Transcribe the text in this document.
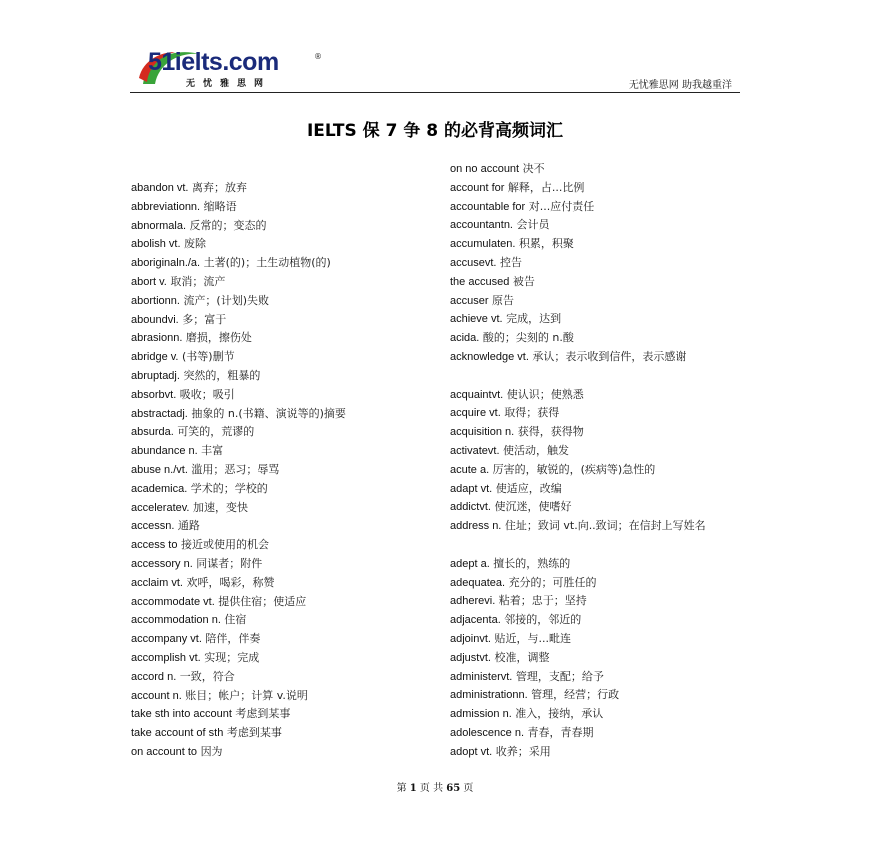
51ielts.com	®
无忧雅思网	无忧雅思网 助我越重洋
IELTS 保 7 争 8 的必背高频词汇
abandon vt. 离弃；放弃
abbreviationn. 缩略语
abnormala. 反常的；变态的
abolish vt. 废除
aboriginaln./a. 土著(的)；土生动植物(的)
abort v. 取消；流产
abortionn. 流产；(计划)失败
aboundvi. 多；富于
abrasionn. 磨损，擦伤处
abridge v. (书等)删节
abruptadj. 突然的，粗暴的
absorbvt. 吸收；吸引
abstractadj. 抽象的 n.(书籍、演说等的)摘要
absurda. 可笑的，荒谬的
abundance n. 丰富
abuse n./vt. 滥用；恶习；辱骂
academica. 学术的；学校的
acceleratev. 加速，变快
accessn. 通路
access to 接近或使用的机会
accessory n. 同谋者；附件
acclaim vt. 欢呼，喝彩，称赞
accommodate vt. 提供住宿；使适应
accommodation n. 住宿
accompany vt. 陪伴，伴奏
accomplish vt. 实现；完成
accord n. 一致，符合
account n. 账目；帐户；计算 v.说明
take sth into account 考虑到某事
take account of sth 考虑到某事
on account to 因为
on no account 决不
account for 解释，占...比例
accountable for 对...应付责任
accountantn. 会计员
accumulaten. 积累，积聚
accusevt. 控告
the accused 被告
accuser 原告
achieve vt. 完成，达到
acida. 酸的；尖刻的 n.酸
acknowledge vt. 承认；表示收到信件，表示感谢
acquaintvt. 使认识；使熟悉
acquire vt. 取得；获得
acquisition n. 获得，获得物
activatevt. 使活动，触发
acute a. 厉害的，敏锐的，(疾病等)急性的
adapt vt. 使适应，改编
addictvt. 使沉迷，使嗜好
address n. 住址；致词 vt.向..致词；在信封上写姓名
adept a. 擅长的，熟练的
adequatea. 充分的；可胜任的
adherevi. 粘着；忠于；坚持
adjacenta. 邻接的，邻近的
adjoinvt. 贴近，与...毗连
adjustvt. 校准，调整
administervt. 管理，支配；给予
administrationn. 管理，经营；行政
admission n. 准入，接纳，承认
adolescence n. 青春，青春期
adopt vt. 收养；采用
第 1 页 共 65 页
